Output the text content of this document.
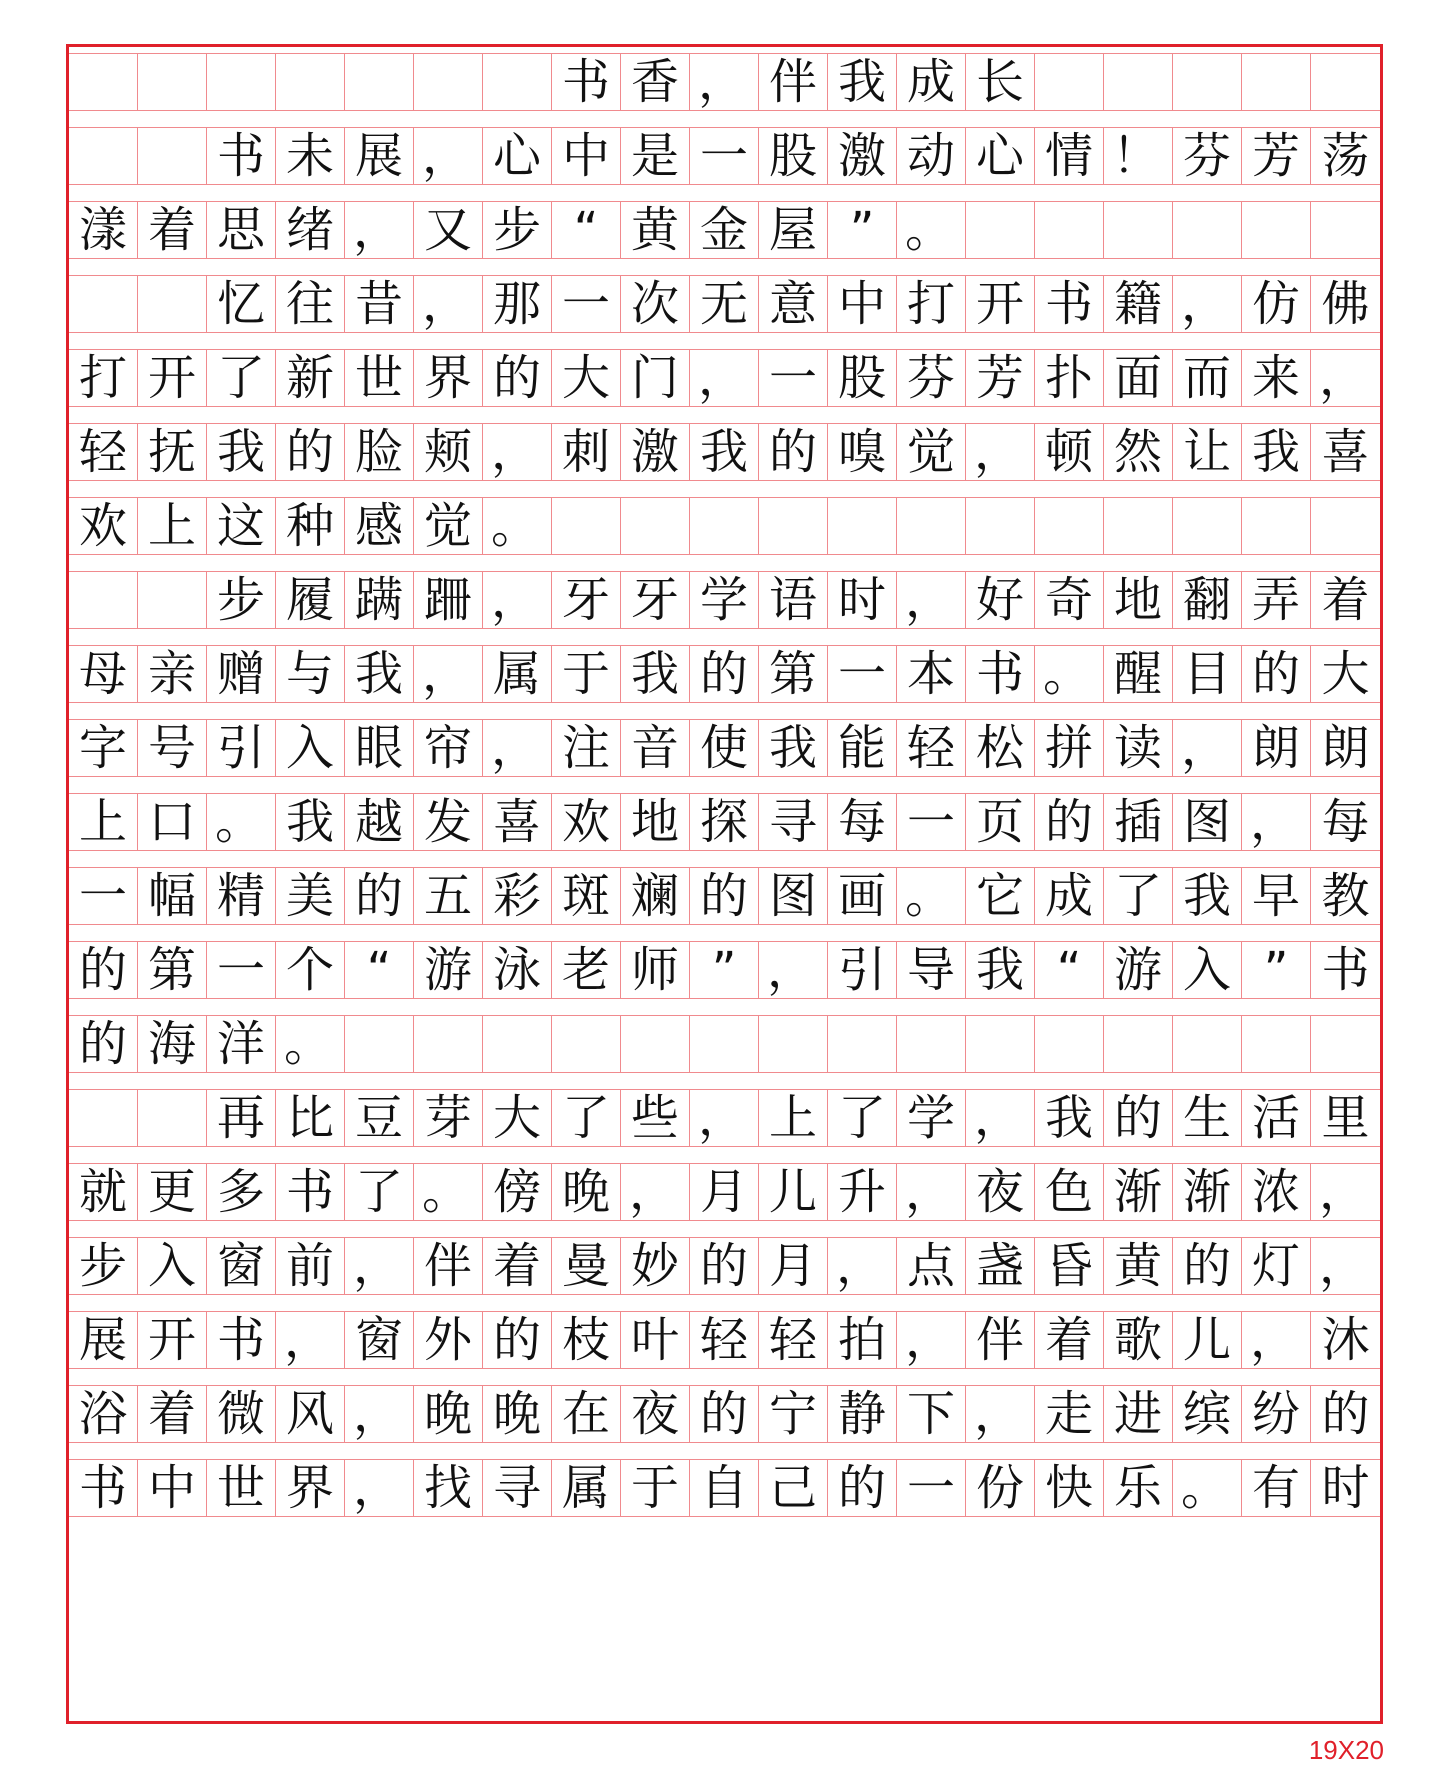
书 香 ， 伴 我 成 长
书 未 展 ， 心 中 是 一 股 激 动 心 情 ！ 芬 芳 荡
漾 着 思 绪 ， 又 步 “ 黄 金 屋 ” 。
忆 往 昔 ， 那 一 次 无 意 中 打 开 书 籍 ， 仿 佛
打 开 了 新 世 界 的 大 门 ， 一 股 芬 芳 扑 面 而 来 ，
轻 抚 我 的 脸 颊 ， 刺 激 我 的 嗅 觉 ， 顿 然 让 我 喜
欢 上 这 种 感 觉 。
步 履 蹒 跚 ， 牙 牙 学 语 时 ， 好 奇 地 翻 弄 着
母 亲 赠 与 我 ， 属 于 我 的 第 一 本 书 。 醒 目 的 大
字 号 引 入 眼 帘 ， 注 音 使 我 能 轻 松 拼 读 ， 朗 朗
上 口 。 我 越 发 喜 欢 地 探 寻 每 一 页 的 插 图 ， 每
一 幅 精 美 的 五 彩 斑 斓 的 图 画 。 它 成 了 我 早 教
的 第 一 个 “ 游 泳 老 师 ” ， 引 导 我 “ 游 入 ” 书
的 海 洋 。
再 比 豆 芽 大 了 些 ， 上 了 学 ， 我 的 生 活 里
就 更 多 书 了 。 傍 晚 ， 月 儿 升 ， 夜 色 渐 渐 浓 ，
步 入 窗 前 ， 伴 着 曼 妙 的 月 ， 点 盏 昏 黄 的 灯 ，
展 开 书 ， 窗 外 的 枝 叶 轻 轻 拍 ， 伴 着 歌 儿 ， 沐
浴 着 微 风 ， 晚 晚 在 夜 的 宁 静 下 ， 走 进 缤 纷 的
书 中 世 界 ， 找 寻 属 于 自 己 的 一 份 快 乐 。 有 时
19X20
